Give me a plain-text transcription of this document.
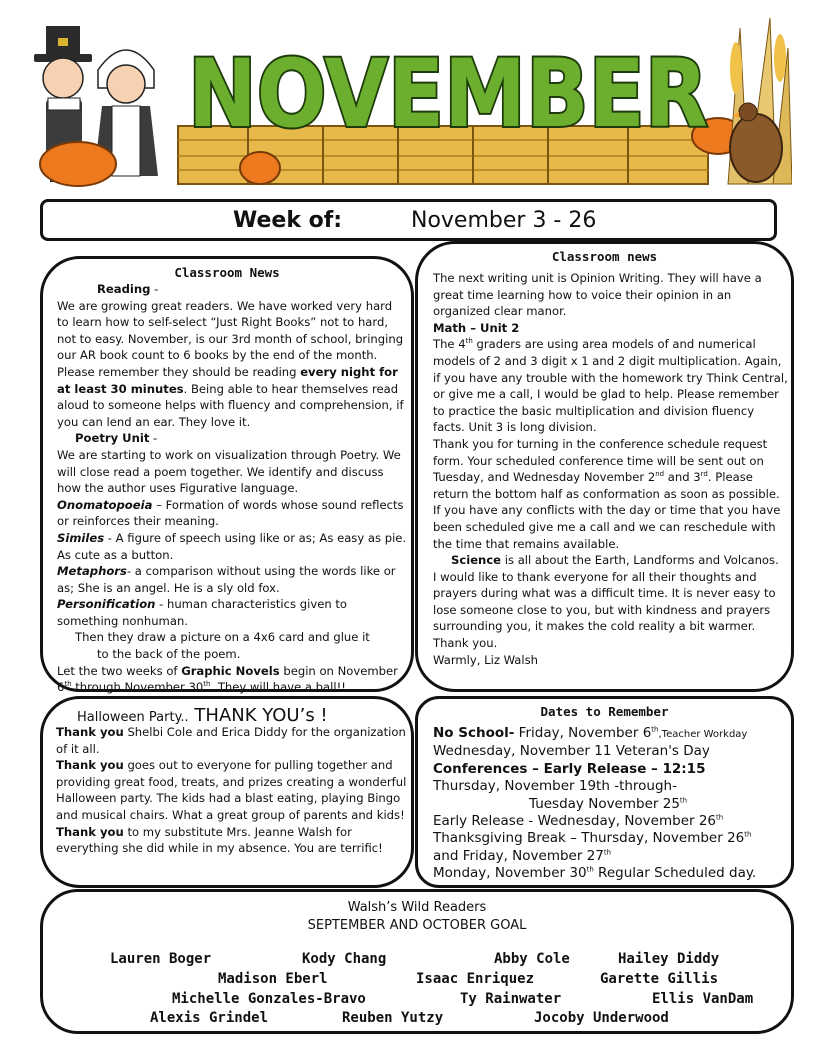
NOVEMBER
Week of:	November 3 - 26
Classroom News

Reading -

We are growing great readers. We have worked very hard to learn how to self-select “Just Right Books” not to hard, not to easy. November, is our 3rd month of school, bringing our AR book count to 6 books by the end of the month. Please remember they should be reading every night for at least 30 minutes. Being able to hear themselves read aloud to someone helps with fluency and comprehension, if you can lend an ear. They love it.

Poetry Unit -

We are starting to work on visualization through Poetry. We will close read a poem together. We identify and discuss how the author uses Figurative language.

Onomatopoeia – Formation of words whose sound reflects or reinforces their meaning.

Similes - A figure of speech using like or as; As easy as pie. As cute as a button.

Metaphors- a comparison without using the words like or as; She is an angel. He is a sly old fox.

Personification - human characteristics given to something nonhuman.

Then they draw a picture on a 4x6 card and glue it

to the back of the poem.

Let the two weeks of Graphic Novels begin on November 6th through November 30th. They will have a ball!!

Classroom news

The next writing unit is Opinion Writing. They will have a great time learning how to voice their opinion in an organized clear manor.

Math – Unit 2

The 4th graders are using area models of and numerical models of 2 and 3 digit x 1 and 2 digit multiplication. Again, if you have any trouble with the homework try Think Central, or give me a call, I would be glad to help. Please remember to practice the basic multiplication and division fluency facts. Unit 3 is long division.

Thank you for turning in the conference schedule request form. Your scheduled conference time will be sent out on Tuesday, and Wednesday November 2nd and 3rd. Please return the bottom half as conformation as soon as possible. If you have any conflicts with the day or time that you have been scheduled give me a call and we can reschedule with the time that remains available.

Science is all about the Earth, Landforms and Volcanos.

I would like to thank everyone for all their thoughts and prayers during what was a difficult time. It is never easy to lose someone close to you, but with kindness and prayers surrounding you, it makes the cold reality a bit warmer.

Thank you.

Warmly, Liz Walsh

Halloween Party.. THANK YOU’s !

Thank you Shelbi Cole and Erica Diddy for the organization of it all.

Thank you goes out to everyone for pulling together and providing great food, treats, and prizes creating a wonderful Halloween party. The kids had a blast eating, playing Bingo and musical chairs. What a great group of parents and kids!

Thank you to my substitute Mrs. Jeanne Walsh for everything she did while in my absence. You are terrific!

Dates to Remember

No School- Friday, November 6th,Teacher Workday

Wednesday, November 11 Veteran's Day

Conferences – Early Release – 12:15

Thursday, November 19th -through-

Tuesday November 25th

Early Release - Wednesday, November 26th

Thanksgiving Break – Thursday, November 26th

and Friday, November 27th

Monday, November 30th Regular Scheduled day.

Walsh’s Wild Readers
SEPTEMBER AND OCTOBER GOAL
Lauren Boger	Kody Chang	Abby Cole	Hailey Diddy
Madison Eberl	Isaac Enriquez	Garette Gillis
Michelle Gonzales-Bravo	Ty Rainwater	Ellis VanDam
Alexis Grindel	Reuben Yutzy	Jocoby Underwood
